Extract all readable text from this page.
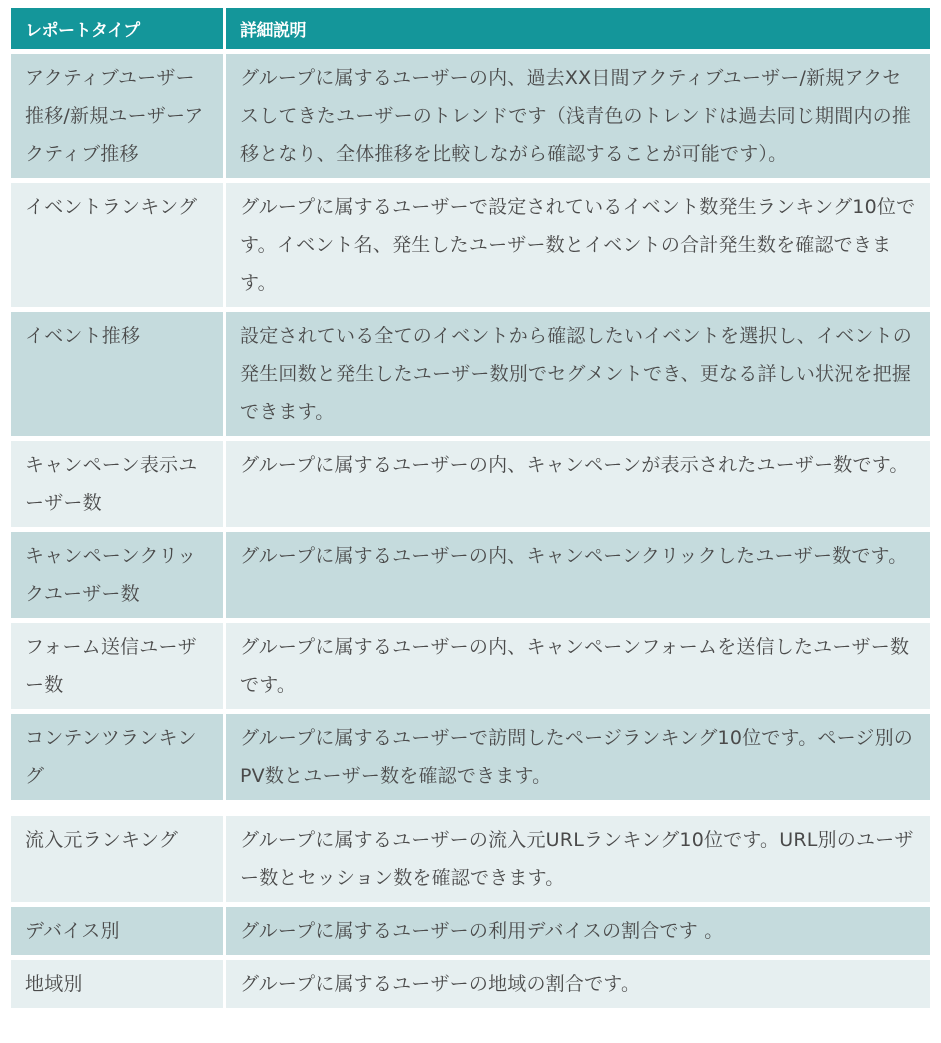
レポートタイプ	詳細説明
アクティブユーザー推移/新規ユーザーアクティブ推移	グループに属するユーザーの内、過去XX日間アクティブユーザー/新規アクセスしてきたユーザーのトレンドです（浅青色のトレンドは過去同じ期間内の推移となり、全体推移を比較しながら確認することが可能です）。
イベントランキング	グループに属するユーザーで設定されているイベント数発生ランキング10位です。イベント名、発生したユーザー数とイベントの合計発生数を確認できます。
イベント推移	設定されている全てのイベントから確認したいイベントを選択し、イベントの発生回数と発生したユーザー数別でセグメントでき、更なる詳しい状況を把握できます。
キャンペーン表示ユーザー数	グループに属するユーザーの内、キャンペーンが表示されたユーザー数です。
キャンペーンクリックユーザー数	グループに属するユーザーの内、キャンペーンクリックしたユーザー数です。
フォーム送信ユーザー数	グループに属するユーザーの内、キャンペーンフォームを送信したユーザー数です。
コンテンツランキング	グループに属するユーザーで訪問したページランキング10位です。ページ別のPV数とユーザー数を確認できます。
流入元ランキング	グループに属するユーザーの流入元URLランキング10位です。URL別のユーザー数とセッション数を確認できます。
デバイス別	グループに属するユーザーの利用デバイスの割合です 。
地域別	グループに属するユーザーの地域の割合です。
